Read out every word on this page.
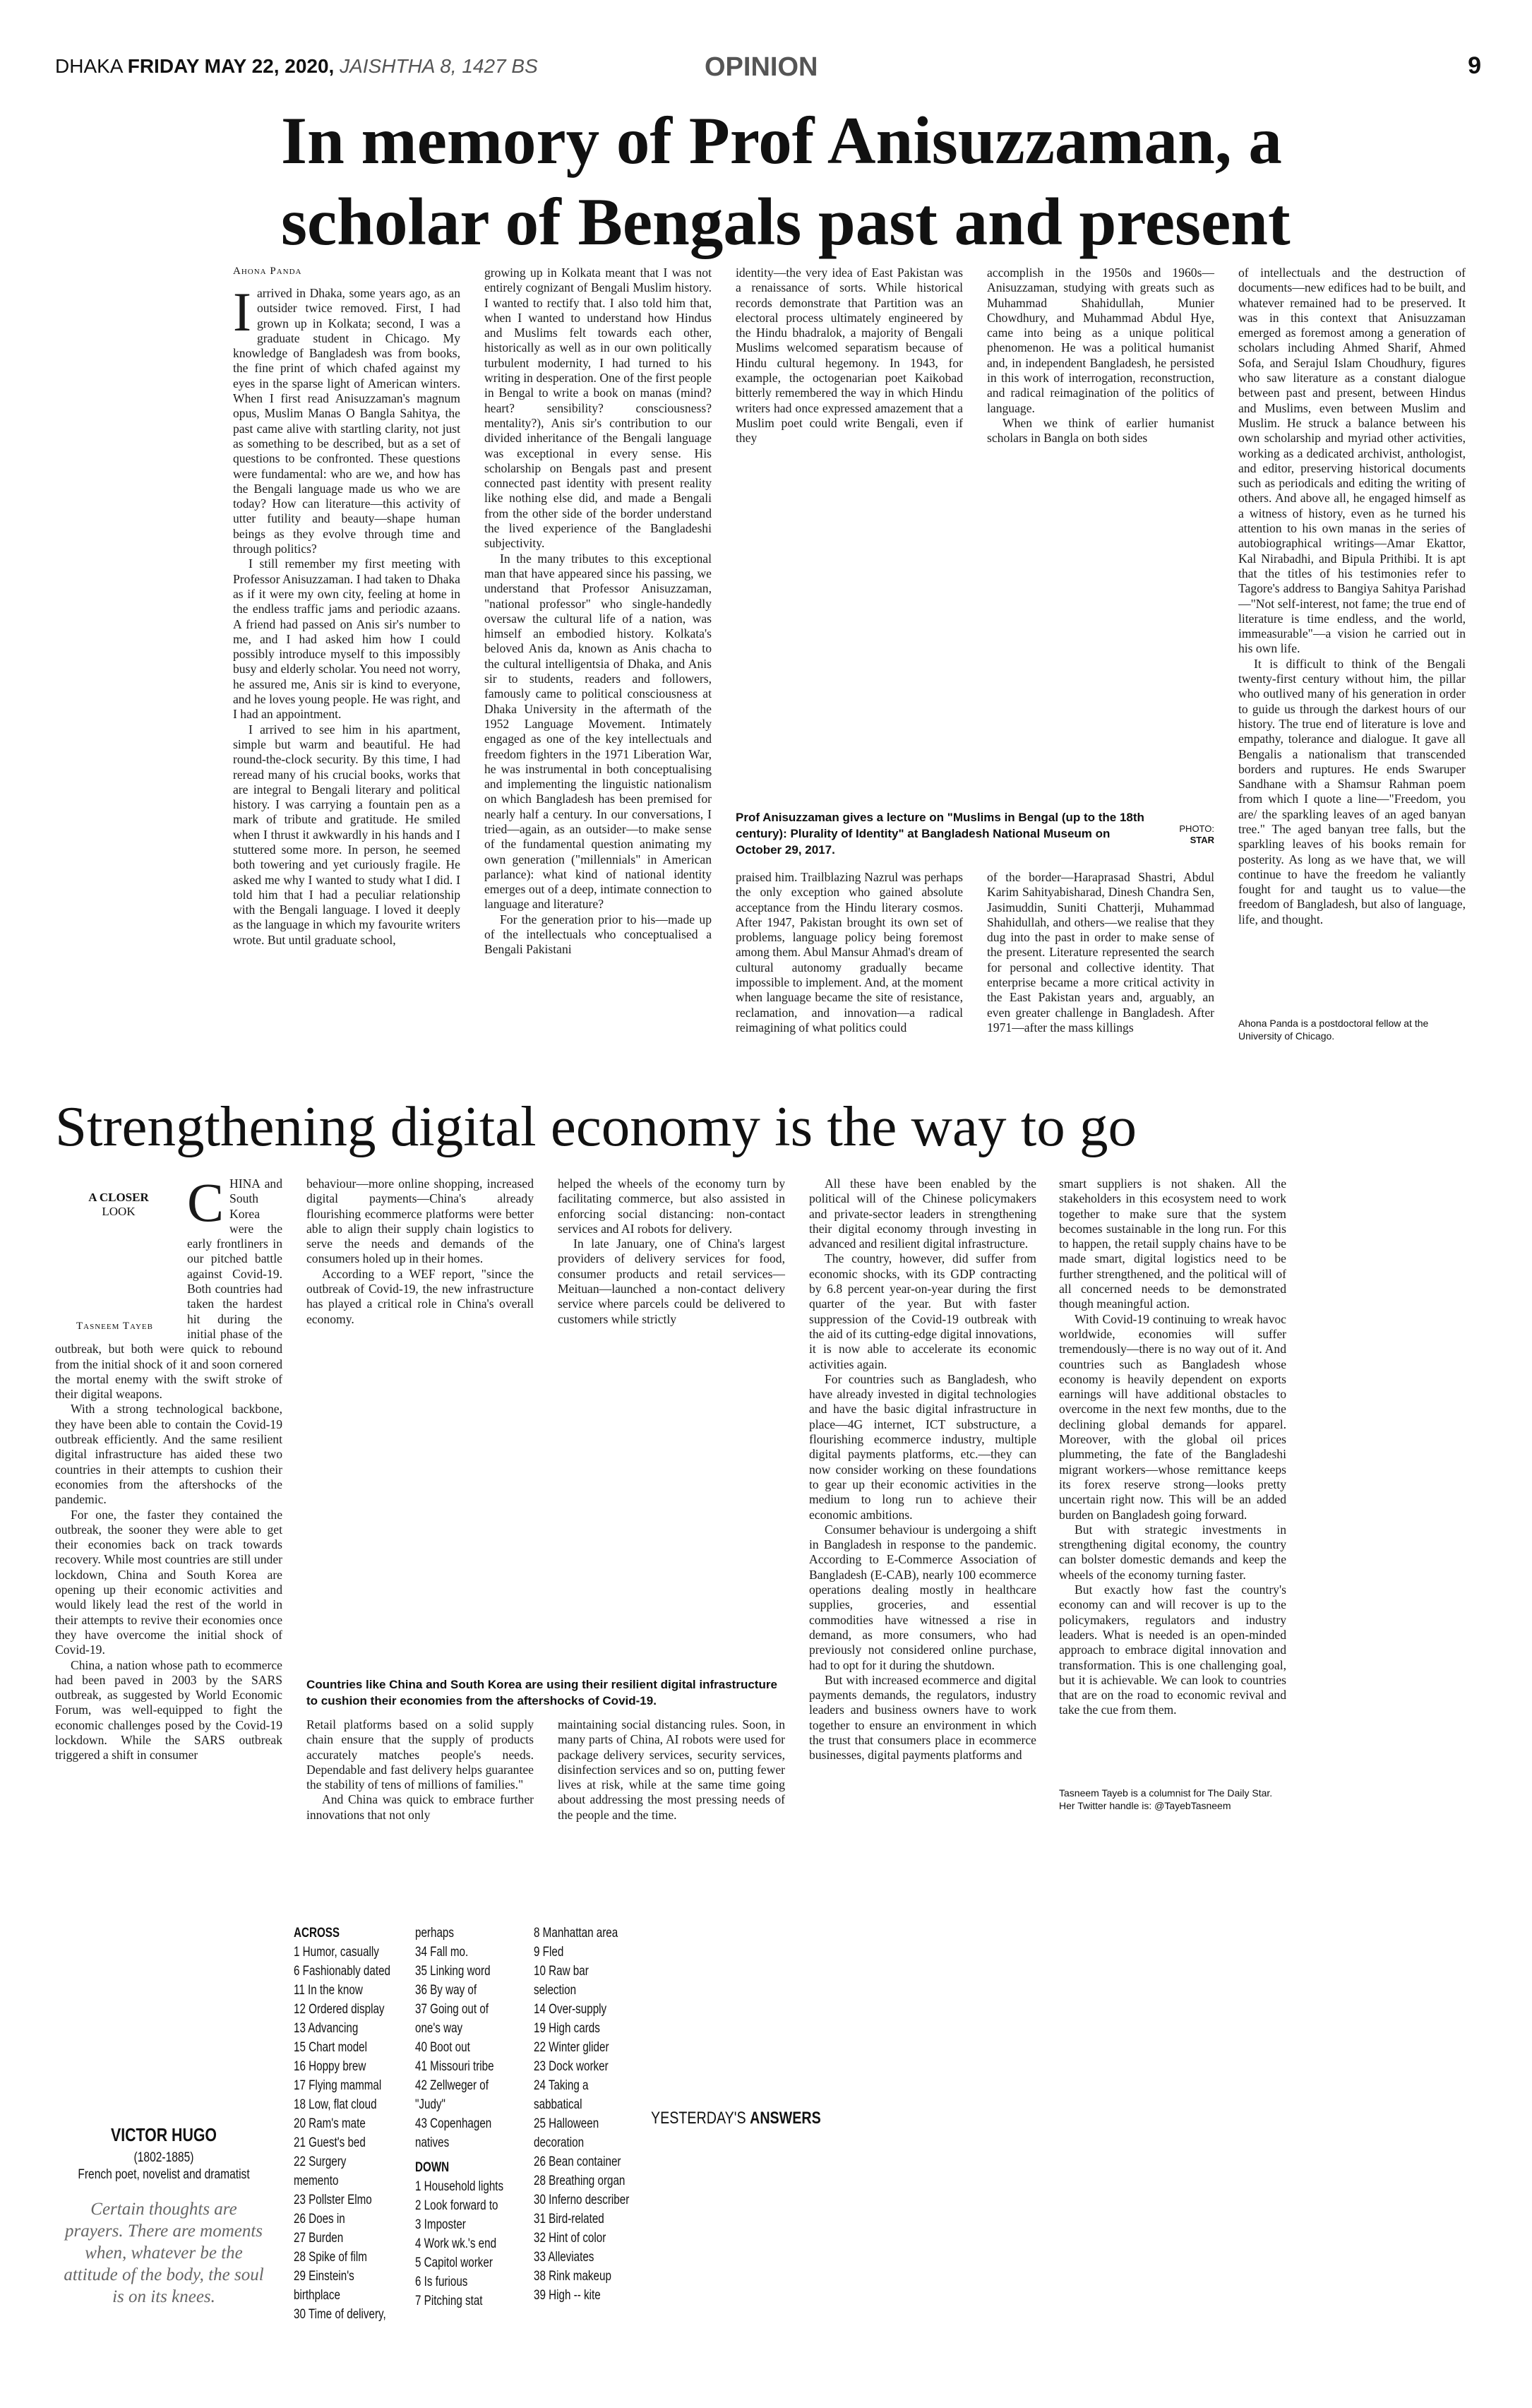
DHAKA FRIDAY MAY 22, 2020, JAISHTHA 8, 1427 BS	OPINION	9
In memory of Prof Anisuzzaman, a
scholar of Bengals past and present
Ahona Panda

Iarrived in Dhaka, some years ago, as an outsider twice removed. First, I had grown up in Kolkata; second, I was a graduate student in Chicago. My knowledge of Bangladesh was from books, the fine print of which chafed against my eyes in the sparse light of American winters. When I first read Anisuzzaman's magnum opus, Muslim Manas O Bangla Sahitya, the past came alive with startling clarity, not just as something to be described, but as a set of questions to be confronted. These questions were fundamental: who are we, and how has the Bengali language made us who we are today? How can literature—this activity of utter futility and beauty—shape human beings as they evolve through time and through politics?

I still remember my first meeting with Professor Anisuzzaman. I had taken to Dhaka as if it were my own city, feeling at home in the endless traffic jams and periodic azaans. A friend had passed on Anis sir's number to me, and I had asked him how I could possibly introduce myself to this impossibly busy and elderly scholar. You need not worry, he assured me, Anis sir is kind to everyone, and he loves young people. He was right, and I had an appointment.

I arrived to see him in his apartment, simple but warm and beautiful. He had round-the-clock security. By this time, I had reread many of his crucial books, works that are integral to Bengali literary and political history. I was carrying a fountain pen as a mark of tribute and gratitude. He smiled when I thrust it awkwardly in his hands and I stuttered some more. In person, he seemed both towering and yet curiously fragile. He asked me why I wanted to study what I did. I told him that I had a peculiar relationship with the Bengali language. I loved it deeply as the language in which my favourite writers wrote. But until graduate school,

growing up in Kolkata meant that I was not entirely cognizant of Bengali Muslim history. I wanted to rectify that. I also told him that, when I wanted to understand how Hindus and Muslims felt towards each other, historically as well as in our own politically turbulent modernity, I had turned to his writing in desperation. One of the first people in Bengal to write a book on manas (mind? heart? sensibility? consciousness? mentality?), Anis sir's contribution to our divided inheritance of the Bengali language was exceptional in every sense. His scholarship on Bengals past and present connected past identity with present reality like nothing else did, and made a Bengali from the other side of the border understand the lived experience of the Bangladeshi subjectivity.

In the many tributes to this exceptional man that have appeared since his passing, we understand that Professor Anisuzzaman, "national professor" who single-handedly oversaw the cultural life of a nation, was himself an embodied history. Kolkata's beloved Anis da, known as Anis chacha to the cultural intelligentsia of Dhaka, and Anis sir to students, readers and followers, famously came to political consciousness at Dhaka University in the aftermath of the 1952 Language Movement. Intimately engaged as one of the key intellectuals and freedom fighters in the 1971 Liberation War, he was instrumental in both conceptualising and implementing the linguistic nationalism on which Bangladesh has been premised for nearly half a century. In our conversations, I tried—again, as an outsider—to make sense of the fundamental question animating my own generation ("millennials" in American parlance): what kind of national identity emerges out of a deep, intimate connection to language and literature?

For the generation prior to his—made up of the intellectuals who conceptualised a Bengali Pakistani

identity—the very idea of East Pakistan was a renaissance of sorts. While historical records demonstrate that Partition was an electoral process ultimately engineered by the Hindu bhadralok, a majority of Bengali Muslims welcomed separatism because of Hindu cultural hegemony. In 1943, for example, the octogenarian poet Kaikobad bitterly remembered the way in which Hindu writers had once expressed amazement that a Muslim poet could write Bengali, even if they

accomplish in the 1950s and 1960s—Anisuzzaman, studying with greats such as Muhammad Shahidullah, Munier Chowdhury, and Muhammad Abdul Hye, came into being as a unique political phenomenon. He was a political humanist and, in independent Bangladesh, he persisted in this work of interrogation, reconstruction, and radical reimagination of the politics of language.

When we think of earlier humanist scholars in Bangla on both sides

Prof Anisuzzaman gives a lecture on "Muslims in Bengal (up to the 18th century): Plurality of Identity" at Bangladesh National Museum on October 29, 2017.
PHOTO:
STAR

praised him. Trailblazing Nazrul was perhaps the only exception who gained absolute acceptance from the Hindu literary cosmos. After 1947, Pakistan brought its own set of problems, language policy being foremost among them. Abul Mansur Ahmad's dream of cultural autonomy gradually became impossible to implement. And, at the moment when language became the site of resistance, reclamation, and innovation—a radical reimagining of what politics could

of the border—Haraprasad Shastri, Abdul Karim Sahityabisharad, Dinesh Chandra Sen, Jasimuddin, Suniti Chatterji, Muhammad Shahidullah, and others—we realise that they dug into the past in order to make sense of the present. Literature represented the search for personal and collective identity. That enterprise became a more critical activity in the East Pakistan years and, arguably, an even greater challenge in Bangladesh. After 1971—after the mass killings

of intellectuals and the destruction of documents—new edifices had to be built, and whatever remained had to be preserved. It was in this context that Anisuzzaman emerged as foremost among a generation of scholars including Ahmed Sharif, Ahmed Sofa, and Serajul Islam Choudhury, figures who saw literature as a constant dialogue between past and present, between Hindus and Muslims, even between Muslim and Muslim. He struck a balance between his own scholarship and myriad other activities, working as a dedicated archivist, anthologist, and editor, preserving historical documents such as periodicals and editing the writing of others. And above all, he engaged himself as a witness of history, even as he turned his attention to his own manas in the series of autobiographical writings—Amar Ekattor, Kal Nirabadhi, and Bipula Prithibi. It is apt that the titles of his testimonies refer to Tagore's address to Bangiya Sahitya Parishad—"Not self-interest, not fame; the true end of literature is time endless, and the world, immeasurable"—a vision he carried out in his own life.

It is difficult to think of the Bengali twenty-first century without him, the pillar who outlived many of his generation in order to guide us through the darkest hours of our history. The true end of literature is love and empathy, tolerance and dialogue. It gave all Bengalis a nationalism that transcended borders and ruptures. He ends Swaruper Sandhane with a Shamsur Rahman poem from which I quote a line—"Freedom, you are/ the sparkling leaves of an aged banyan tree." The aged banyan tree falls, but the sparkling leaves of his books remain for posterity. As long as we have that, we will continue to have the freedom he valiantly fought for and taught us to value—the freedom of Bangladesh, but also of language, life, and thought.

Ahona Panda is a postdoctoral fellow at the University of Chicago.
Strengthening digital economy is the way to go
A CLOSER
LOOK
Tasneem Tayeb
C HINA and South Korea were the early frontliners in our pitched battle against Covid-19. Both countries had taken the hardest hit during the initial phase of the outbreak, but both were quick to rebound from the initial shock of it and soon cornered the mortal enemy with the swift stroke of their digital weapons.

With a strong technological backbone, they have been able to contain the Covid-19 outbreak efficiently. And the same resilient digital infrastructure has aided these two countries in their attempts to cushion their economies from the aftershocks of the pandemic.

For one, the faster they contained the outbreak, the sooner they were able to get their economies back on track towards recovery. While most countries are still under lockdown, China and South Korea are opening up their economic activities and would likely lead the rest of the world in their attempts to revive their economies once they have overcome the initial shock of Covid-19.

China, a nation whose path to ecommerce had been paved in 2003 by the SARS outbreak, as suggested by World Economic Forum, was well-equipped to fight the economic challenges posed by the Covid-19 lockdown. While the SARS outbreak triggered a shift in consumer

behaviour—more online shopping, increased digital payments—China's already flourishing ecommerce platforms were better able to align their supply chain logistics to serve the needs and demands of the consumers holed up in their homes.

According to a WEF report, "since the outbreak of Covid-19, the new infrastructure has played a critical role in China's overall economy.

helped the wheels of the economy turn by facilitating commerce, but also assisted in enforcing social distancing: non-contact services and AI robots for delivery.

In late January, one of China's largest providers of delivery services for food, consumer products and retail services—Meituan—launched a non-contact delivery service where parcels could be delivered to customers while strictly

Countries like China and South Korea are using their resilient digital infrastructure to cushion their economies from the aftershocks of Covid-19.

Retail platforms based on a solid supply chain ensure that the supply of products accurately matches people's needs. Dependable and fast delivery helps guarantee the stability of tens of millions of families."

And China was quick to embrace further innovations that not only

maintaining social distancing rules. Soon, in many parts of China, AI robots were used for package delivery services, security services, disinfection services and so on, putting fewer lives at risk, while at the same time going about addressing the most pressing needs of the people and the time.

All these have been enabled by the political will of the Chinese policymakers and private-sector leaders in strengthening their digital economy through investing in advanced and resilient digital infrastructure.

The country, however, did suffer from economic shocks, with its GDP contracting by 6.8 percent year-on-year during the first quarter of the year. But with faster suppression of the Covid-19 outbreak with the aid of its cutting-edge digital innovations, it is now able to accelerate its economic activities again.

For countries such as Bangladesh, who have already invested in digital technologies and have the basic digital infrastructure in place—4G internet, ICT substructure, a flourishing ecommerce industry, multiple digital payments platforms, etc.—they can now consider working on these foundations to gear up their economic activities in the medium to long run to achieve their economic ambitions.

Consumer behaviour is undergoing a shift in Bangladesh in response to the pandemic. According to E-Commerce Association of Bangladesh (E-CAB), nearly 100 ecommerce operations dealing mostly in healthcare supplies, groceries, and essential commodities have witnessed a rise in demand, as more consumers, who had previously not considered online purchase, had to opt for it during the shutdown.

But with increased ecommerce and digital payments demands, the regulators, industry leaders and business owners have to work together to ensure an environment in which the trust that consumers place in ecommerce businesses, digital payments platforms and

smart suppliers is not shaken. All the stakeholders in this ecosystem need to work together to make sure that the system becomes sustainable in the long run. For this to happen, the retail supply chains have to be made smart, digital logistics need to be further strengthened, and the political will of all concerned needs to be demonstrated though meaningful action.

With Covid-19 continuing to wreak havoc worldwide, economies will suffer tremendously—there is no way out of it. And countries such as Bangladesh whose economy is heavily dependent on exports earnings will have additional obstacles to overcome in the next few months, due to the declining global demands for apparel. Moreover, with the global oil prices plummeting, the fate of the Bangladeshi migrant workers—whose remittance keeps its forex reserve strong—looks pretty uncertain right now. This will be an added burden on Bangladesh going forward.

But with strategic investments in strengthening digital economy, the country can bolster domestic demands and keep the wheels of the economy turning faster.

But exactly how fast the country's economy can and will recover is up to the policymakers, regulators and industry leaders. What is needed is an open-minded approach to embrace digital innovation and transformation. This is one challenging goal, but it is achievable. We can look to countries that are on the road to economic revival and take the cue from them.

Tasneem Tayeb is a columnist for The Daily Star. Her Twitter handle is: @TayebTasneem
VICTOR HUGO
(1802-1885)
French poet, novelist and dramatist
Certain thoughts are prayers. There are moments when, whatever be the attitude of the body, the soul is on its knees.
ACROSS
1 Humor, casually
6 Fashionably dated
11 In the know
12 Ordered display
13 Advancing
15 Chart model
16 Hoppy brew
17 Flying mammal
18 Low, flat cloud
20 Ram's mate
21 Guest's bed
22 Surgery
memento
23 Pollster Elmo
26 Does in
27 Burden
28 Spike of film
29 Einstein's
birthplace
30 Time of delivery,
perhaps
34 Fall mo.
35 Linking word
36 By way of
37 Going out of
one's way
40 Boot out
41 Missouri tribe
42 Zellweger of
"Judy"
43 Copenhagen
natives
DOWN
1 Household lights
2 Look forward to
3 Imposter
4 Work wk.'s end
5 Capitol worker
6 Is furious
7 Pitching stat
8 Manhattan area
9 Fled
10 Raw bar
selection
14 Over-supply
19 High cards
22 Winter glider
23 Dock worker
24 Taking a
sabbatical
25 Halloween
decoration
26 Bean container
28 Breathing organ
30 Inferno describer
31 Bird-related
32 Hint of color
33 Alleviates
38 Rink makeup
39 High -- kite
YESTERDAY'S ANSWERS
